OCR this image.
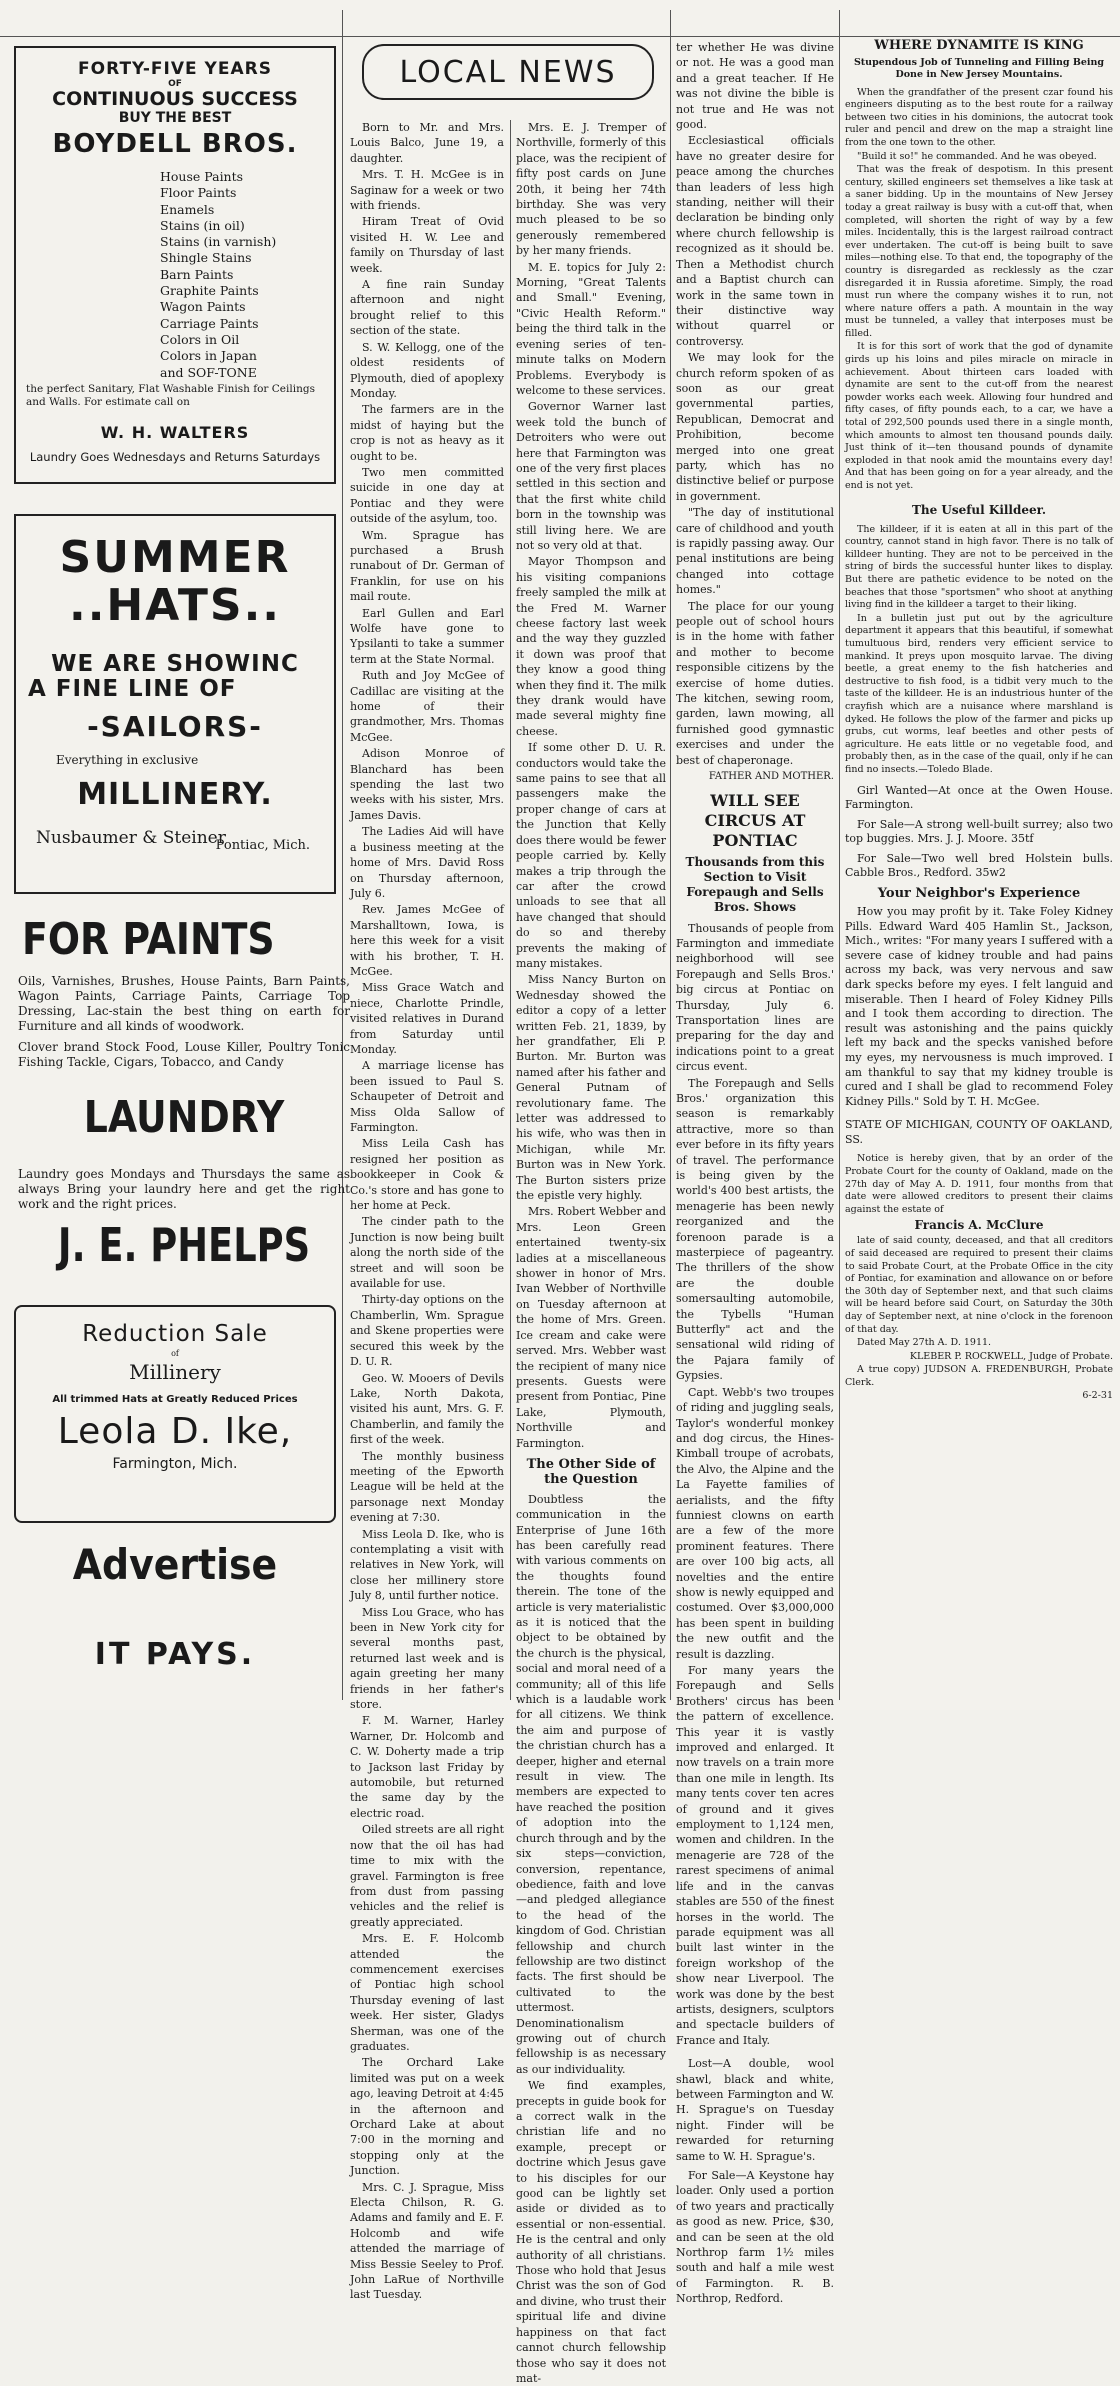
FORTY-FIVE YEARS
OF
CONTINUOUS SUCCESS
BUY THE BEST
BOYDELL BROS.
House Paints
Floor Paints
Enamels
Stains (in oil)
Stains (in varnish)
Shingle Stains
Barn Paints
Graphite Paints
Wagon Paints
Carriage Paints
Colors in Oil
Colors in Japan
and SOF-TONE
the perfect Sanitary, Flat Washable Finish for Ceilings and Walls. For estimate call on
W. H. WALTERS
Laundry Goes Wednesdays and Returns Saturdays
SUMMER
..HATS..
WE ARE SHOWINC
A FINE LINE OF
-SAILORS-
Everything in exclusive
MILLINERY.
Nusbaumer & Steiner
Pontiac, Mich.
FOR PAINTS
Oils, Varnishes, Brushes, House Paints, Barn Paints, Wagon Paints, Carriage Paints, Carriage Top Dressing, Lac-stain the best thing on earth for Furniture and all kinds of woodwork.
Clover brand Stock Food, Louse Killer, Poultry Tonic Fishing Tackle, Cigars, Tobacco, and Candy
LAUNDRY
Laundry goes Mondays and Thursdays the same as always Bring your laundry here and get the right work and the right prices.
J. E. PHELPS
Reduction Sale
of
Millinery
All trimmed Hats at Greatly Reduced Prices
Leola D. Ike,
Farmington, Mich.
Advertise
IT PAYS.
LOCAL NEWS

Born to Mr. and Mrs. Louis Balco, June 19, a daughter.

Mrs. T. H. McGee is in Saginaw for a week or two with friends.

Hiram Treat of Ovid visited H. W. Lee and family on Thursday of last week.

A fine rain Sunday afternoon and night brought relief to this section of the state.

S. W. Kellogg, one of the oldest residents of Plymouth, died of apoplexy Monday.

The farmers are in the midst of haying but the crop is not as heavy as it ought to be.

Two men committed suicide in one day at Pontiac and they were outside of the asylum, too.

Wm. Sprague has purchased a Brush runabout of Dr. German of Franklin, for use on his mail route.

Earl Gullen and Earl Wolfe have gone to Ypsilanti to take a summer term at the State Normal.

Ruth and Joy McGee of Cadillac are visiting at the home of their grandmother, Mrs. Thomas McGee.

Adison Monroe of Blanchard has been spending the last two weeks with his sister, Mrs. James Davis.

The Ladies Aid will have a business meeting at the home of Mrs. David Ross on Thursday afternoon, July 6.

Rev. James McGee of Marshalltown, Iowa, is here this week for a visit with his brother, T. H. McGee.

Miss Grace Watch and niece, Charlotte Prindle, visited relatives in Durand from Saturday until Monday.

A marriage license has been issued to Paul S. Schaupeter of Detroit and Miss Olda Sallow of Farmington.

Miss Leila Cash has resigned her position as bookkeeper in Cook & Co.'s store and has gone to her home at Peck.

The cinder path to the Junction is now being built along the north side of the street and will soon be available for use.

Thirty-day options on the Chamberlin, Wm. Sprague and Skene properties were secured this week by the D. U. R.

Geo. W. Mooers of Devils Lake, North Dakota, visited his aunt, Mrs. G. F. Chamberlin, and family the first of the week.

The monthly business meeting of the Epworth League will be held at the parsonage next Monday evening at 7:30.

Miss Leola D. Ike, who is contemplating a visit with relatives in New York, will close her millinery store July 8, until further notice.

Miss Lou Grace, who has been in New York city for several months past, returned last week and is again greeting her many friends in her father's store.

F. M. Warner, Harley Warner, Dr. Holcomb and C. W. Doherty made a trip to Jackson last Friday by automobile, but returned the same day by the electric road.

Oiled streets are all right now that the oil has had time to mix with the gravel. Farmington is free from dust from passing vehicles and the relief is greatly appreciated.

Mrs. E. F. Holcomb attended the commencement exercises of Pontiac high school Thursday evening of last week. Her sister, Gladys Sherman, was one of the graduates.

The Orchard Lake limited was put on a week ago, leaving Detroit at 4:45 in the afternoon and Orchard Lake at about 7:00 in the morning and stopping only at the Junction.

Mrs. C. J. Sprague, Miss Electa Chilson, R. G. Adams and family and E. F. Holcomb and wife attended the marriage of Miss Bessie Seeley to Prof. John LaRue of Northville last Tuesday.

Mrs. E. J. Tremper of Northville, formerly of this place, was the recipient of fifty post cards on June 20th, it being her 74th birthday. She was very much pleased to be so generously remembered by her many friends.

M. E. topics for July 2: Morning, "Great Talents and Small." Evening, "Civic Health Reform." being the third talk in the evening series of ten-minute talks on Modern Problems. Everybody is welcome to these services.

Governor Warner last week told the bunch of Detroiters who were out here that Farmington was one of the very first places settled in this section and that the first white child born in the township was still living here. We are not so very old at that.

Mayor Thompson and his visiting companions freely sampled the milk at the Fred M. Warner cheese factory last week and the way they guzzled it down was proof that they know a good thing when they find it. The milk they drank would have made several mighty fine cheese.

If some other D. U. R. conductors would take the same pains to see that all passengers make the proper change of cars at the Junction that Kelly does there would be fewer people carried by. Kelly makes a trip through the car after the crowd unloads to see that all have changed that should do so and thereby prevents the making of many mistakes.

Miss Nancy Burton on Wednesday showed the editor a copy of a letter written Feb. 21, 1839, by her grandfather, Eli P. Burton. Mr. Burton was named after his father and General Putnam of revolutionary fame. The letter was addressed to his wife, who was then in Michigan, while Mr. Burton was in New York. The Burton sisters prize the epistle very highly.

Mrs. Robert Webber and Mrs. Leon Green entertained twenty-six ladies at a miscellaneous shower in honor of Mrs. Ivan Webber of Northville on Tuesday afternoon at the home of Mrs. Green. Ice cream and cake were served. Mrs. Webber wast the recipient of many nice presents. Guests were present from Pontiac, Pine Lake, Plymouth, Northville and Farmington.

The Other Side of the Question

Doubtless the communication in the Enterprise of June 16th has been carefully read with various comments on the thoughts found therein. The tone of the article is very materialistic as it is noticed that the object to be obtained by the church is the physical, social and moral need of a community; all of this life which is a laudable work for all citizens. We think the aim and purpose of the christian church has a deeper, higher and eternal result in view. The members are expected to have reached the position of adoption into the church through and by the six steps—conviction, conversion, repentance, obedience, faith and love—and pledged allegiance to the head of the kingdom of God. Christian fellowship and church fellowship are two distinct facts. The first should be cultivated to the uttermost. Denominationalism growing out of church fellowship is as necessary as our individuality.

We find examples, precepts in guide book for a correct walk in the christian life and no example, precept or doctrine which Jesus gave to his disciples for our good can be lightly set aside or divided as to essential or non-essential. He is the central and only authority of all christians. Those who hold that Jesus Christ was the son of God and divine, who trust their spiritual life and divine happiness on that fact cannot church fellowship those who say it does not mat-

ter whether He was divine or not. He was a good man and a great teacher. If He was not divine the bible is not true and He was not good.

Ecclesiastical officials have no greater desire for peace among the churches than leaders of less high standing, neither will their declaration be binding only where church fellowship is recognized as it should be. Then a Methodist church and a Baptist church can work in the same town in their distinctive way without quarrel or controversy.

We may look for the church reform spoken of as soon as our great governmental parties, Republican, Democrat and Prohibition, become merged into one great party, which has no distinctive belief or purpose in government.

"The day of institutional care of childhood and youth is rapidly passing away. Our penal institutions are being changed into cottage homes."

The place for our young people out of school hours is in the home with father and mother to become responsible citizens by the exercise of home duties. The kitchen, sewing room, garden, lawn mowing, all furnished good gymnastic exercises and under the best of chaperonage.

FATHER AND MOTHER.

WILL SEE CIRCUS AT PONTIAC
Thousands from this Section to Visit Forepaugh and Sells Bros. Shows

Thousands of people from Farmington and immediate neighborhood will see Forepaugh and Sells Bros.' big circus at Pontiac on Thursday, July 6. Transportation lines are preparing for the day and indications point to a great circus event.

The Forepaugh and Sells Bros.' organization this season is remarkably attractive, more so than ever before in its fifty years of travel. The performance is being given by the world's 400 best artists, the menagerie has been newly reorganized and the forenoon parade is a masterpiece of pageantry. The thrillers of the show are the double somersaulting automobile, the Tybells "Human Butterfly" act and the sensational wild riding of the Pajara family of Gypsies.

Capt. Webb's two troupes of riding and juggling seals, Taylor's wonderful monkey and dog circus, the Hines-Kimball troupe of acrobats, the Alvo, the Alpine and the La Fayette families of aerialists, and the fifty funniest clowns on earth are a few of the more prominent features. There are over 100 big acts, all novelties and the entire show is newly equipped and costumed. Over $3,000,000 has been spent in building the new outfit and the result is dazzling.

For many years the Forepaugh and Sells Brothers' circus has been the pattern of excellence. This year it is vastly improved and enlarged. It now travels on a train more than one mile in length. Its many tents cover ten acres of ground and it gives employment to 1,124 men, women and children. In the menagerie are 728 of the rarest specimens of animal life and in the canvas stables are 550 of the finest horses in the world. The parade equipment was all built last winter in the foreign workshop of the show near Liverpool. The work was done by the best artists, designers, sculptors and spectacle builders of France and Italy.

Lost—A double, wool shawl, black and white, between Farmington and W. H. Sprague's on Tuesday night. Finder will be rewarded for returning same to W. H. Sprague's.

For Sale—A Keystone hay loader. Only used a portion of two years and practically as good as new. Price, $30, and can be seen at the old Northrop farm 1½ miles south and half a mile west of Farmington. R. B. Northrop, Redford.

WHERE DYNAMITE IS KING
Stupendous Job of Tunneling and Filling Being Done in New Jersey Mountains.

When the grandfather of the present czar found his engineers disputing as to the best route for a railway between two cities in his dominions, the autocrat took ruler and pencil and drew on the map a straight line from the one town to the other.

"Build it so!" he commanded. And he was obeyed.

That was the freak of despotism. In this present century, skilled engineers set themselves a like task at a saner bidding. Up in the mountains of New Jersey today a great railway is busy with a cut-off that, when completed, will shorten the right of way by a few miles. Incidentally, this is the largest railroad contract ever undertaken. The cut-off is being built to save miles—nothing else. To that end, the topography of the country is disregarded as recklessly as the czar disregarded it in Russia aforetime. Simply, the road must run where the company wishes it to run, not where nature offers a path. A mountain in the way must be tunneled, a valley that interposes must be filled.

It is for this sort of work that the god of dynamite girds up his loins and piles miracle on miracle in achievement. About thirteen cars loaded with dynamite are sent to the cut-off from the nearest powder works each week. Allowing four hundred and fifty cases, of fifty pounds each, to a car, we have a total of 292,500 pounds used there in a single month, which amounts to almost ten thousand pounds daily. Just think of it—ten thousand pounds of dynamite exploded in that nook amid the mountains every day! And that has been going on for a year already, and the end is not yet.

The Useful Killdeer.

The killdeer, if it is eaten at all in this part of the country, cannot stand in high favor. There is no talk of killdeer hunting. They are not to be perceived in the string of birds the successful hunter likes to display. But there are pathetic evidence to be noted on the beaches that those "sportsmen" who shoot at anything living find in the killdeer a target to their liking.

In a bulletin just put out by the agriculture department it appears that this beautiful, if somewhat tumultuous bird, renders very efficient service to mankind. It preys upon mosquito larvae. The diving beetle, a great enemy to the fish hatcheries and destructive to fish food, is a tidbit very much to the taste of the killdeer. He is an industrious hunter of the crayfish which are a nuisance where marshland is dyked. He follows the plow of the farmer and picks up grubs, cut worms, leaf beetles and other pests of agriculture. He eats little or no vegetable food, and probably then, as in the case of the quail, only if he can find no insects.—Toledo Blade.

Girl Wanted—At once at the Owen House. Farmington.

For Sale—A strong well-built surrey; also two top buggies. Mrs. J. J. Moore. 35tf

For Sale—Two well bred Holstein bulls. Cabble Bros., Redford. 35w2

Your Neighbor's Experience

How you may profit by it. Take Foley Kidney Pills. Edward Ward 405 Hamlin St., Jackson, Mich., writes: "For many years I suffered with a severe case of kidney trouble and had pains across my back, was very nervous and saw dark specks before my eyes. I felt languid and miserable. Then I heard of Foley Kidney Pills and I took them according to direction. The result was astonishing and the pains quickly left my back and the specks vanished before my eyes, my nervousness is much improved. I am thankful to say that my kidney trouble is cured and I shall be glad to recommend Foley Kidney Pills." Sold by T. H. McGee.

STATE OF MICHIGAN, COUNTY OF OAKLAND, SS.

Notice is hereby given, that by an order of the Probate Court for the county of Oakland, made on the 27th day of May A. D. 1911, four months from that date were allowed creditors to present their claims against the estate of

Francis A. McClure

late of said county, deceased, and that all creditors of said deceased are required to present their claims to said Probate Court, at the Probate Office in the city of Pontiac, for examination and allowance on or before the 30th day of September next, and that such claims will be heard before said Court, on Saturday the 30th day of September next, at nine o'clock in the forenoon of that day.

Dated May 27th A. D. 1911.

KLEBER P. ROCKWELL, Judge of Probate.

A true copy) JUDSON A. FREDENBURGH, Probate Clerk.

6-2-31
